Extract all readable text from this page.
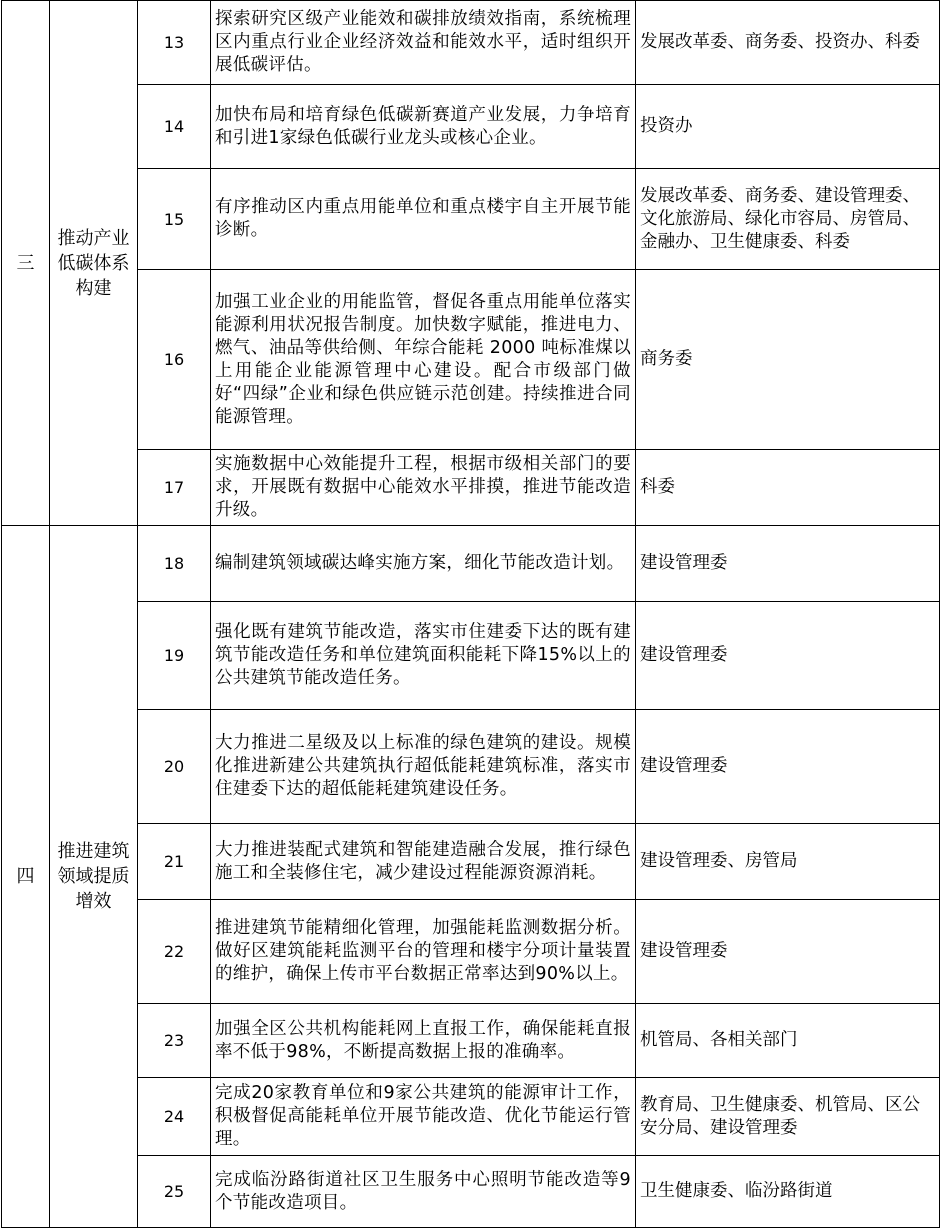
三	推动产业低碳体系构建	13	探索研究区级产业能效和碳排放绩效指南，系统梳理区内重点行业企业经济效益和能效水平，适时组织开展低碳评估。	发展改革委、商务委、投资办、科委
		14	加快布局和培育绿色低碳新赛道产业发展，力争培育和引进1家绿色低碳行业龙头或核心企业。	投资办
		15	有序推动区内重点用能单位和重点楼宇自主开展节能诊断。	发展改革委、商务委、建设管理委、文化旅游局、绿化市容局、房管局、金融办、卫生健康委、科委
		16	加强工业企业的用能监管，督促各重点用能单位落实能源利用状况报告制度。加快数字赋能，推进电力、燃气、油品等供给侧、年综合能耗 2000 吨标准煤以上用能企业能源管理中心建设。配合市级部门做好“四绿”企业和绿色供应链示范创建。持续推进合同能源管理。	商务委
		17	实施数据中心效能提升工程，根据市级相关部门的要求，开展既有数据中心能效水平排摸，推进节能改造升级。	科委
四	推进建筑领域提质增效	18	编制建筑领域碳达峰实施方案，细化节能改造计划。	建设管理委
		19	强化既有建筑节能改造，落实市住建委下达的既有建筑节能改造任务和单位建筑面积能耗下降15%以上的公共建筑节能改造任务。	建设管理委
		20	大力推进二星级及以上标准的绿色建筑的建设。规模化推进新建公共建筑执行超低能耗建筑标准，落实市住建委下达的超低能耗建筑建设任务。	建设管理委
		21	大力推进装配式建筑和智能建造融合发展，推行绿色施工和全装修住宅，减少建设过程能源资源消耗。	建设管理委、房管局
		22	推进建筑节能精细化管理，加强能耗监测数据分析。做好区建筑能耗监测平台的管理和楼宇分项计量装置的维护，确保上传市平台数据正常率达到90%以上。	建设管理委
		23	加强全区公共机构能耗网上直报工作，确保能耗直报率不低于98%，不断提高数据上报的准确率。	机管局、各相关部门
		24	完成20家教育单位和9家公共建筑的能源审计工作，积极督促高能耗单位开展节能改造、优化节能运行管理。	教育局、卫生健康委、机管局、区公安分局、建设管理委
		25	完成临汾路街道社区卫生服务中心照明节能改造等9个节能改造项目。	卫生健康委、临汾路街道
